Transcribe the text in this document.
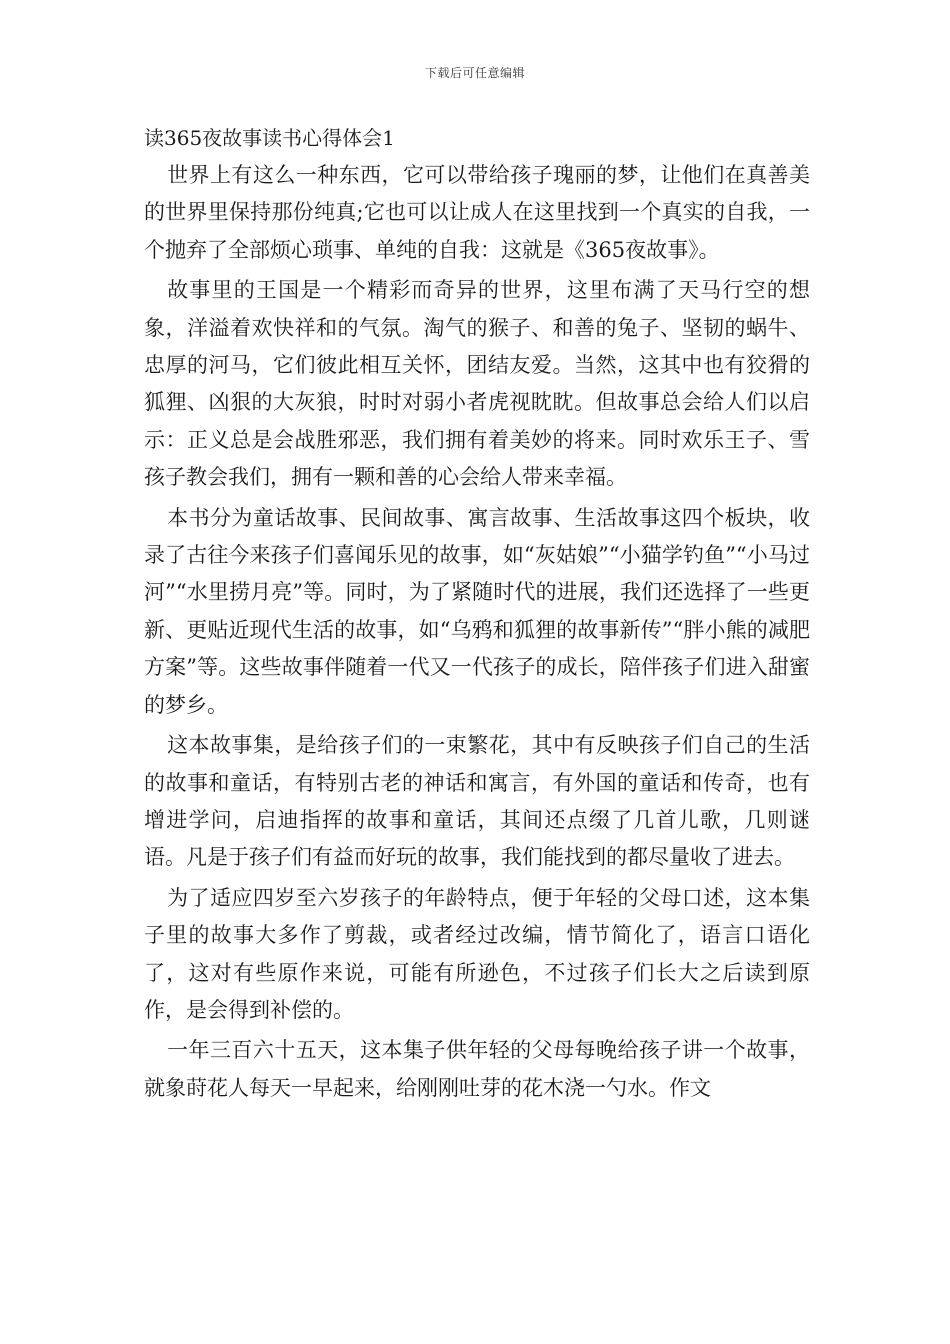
下载后可任意编辑
读365夜故事读书心得体会1

世界上有这么一种东西，它可以带给孩子瑰丽的梦，让他们在真善美的世界里保持那份纯真;它也可以让成人在这里找到一个真实的自我，一个抛弃了全部烦心琐事、单纯的自我：这就是《365夜故事》。

故事里的王国是一个精彩而奇异的世界，这里布满了天马行空的想象，洋溢着欢快祥和的气氛。淘气的猴子、和善的兔子、坚韧的蜗牛、忠厚的河马，它们彼此相互关怀，团结友爱。当然，这其中也有狡猾的狐狸、凶狠的大灰狼，时时对弱小者虎视眈眈。但故事总会给人们以启示：正义总是会战胜邪恶，我们拥有着美妙的将来。同时欢乐王子、雪孩子教会我们，拥有一颗和善的心会给人带来幸福。

本书分为童话故事、民间故事、寓言故事、生活故事这四个板块，收录了古往今来孩子们喜闻乐见的故事，如“灰姑娘”“小猫学钓鱼”“小马过河”“水里捞月亮”等。同时，为了紧随时代的进展，我们还选择了一些更新、更贴近现代生活的故事，如“乌鸦和狐狸的故事新传”“胖小熊的减肥方案”等。这些故事伴随着一代又一代孩子的成长，陪伴孩子们进入甜蜜的梦乡。

这本故事集，是给孩子们的一束繁花，其中有反映孩子们自己的生活的故事和童话，有特别古老的神话和寓言，有外国的童话和传奇，也有增进学问，启迪指挥的故事和童话，其间还点缀了几首儿歌，几则谜语。凡是于孩子们有益而好玩的故事，我们能找到的都尽量收了进去。

为了适应四岁至六岁孩子的年龄特点，便于年轻的父母口述，这本集子里的故事大多作了剪裁，或者经过改编，情节简化了，语言口语化了，这对有些原作来说，可能有所逊色，不过孩子们长大之后读到原作，是会得到补偿的。

一年三百六十五天，这本集子供年轻的父母每晚给孩子讲一个故事，就象莳花人每天一早起来，给刚刚吐芽的花木浇一勺水。作文
